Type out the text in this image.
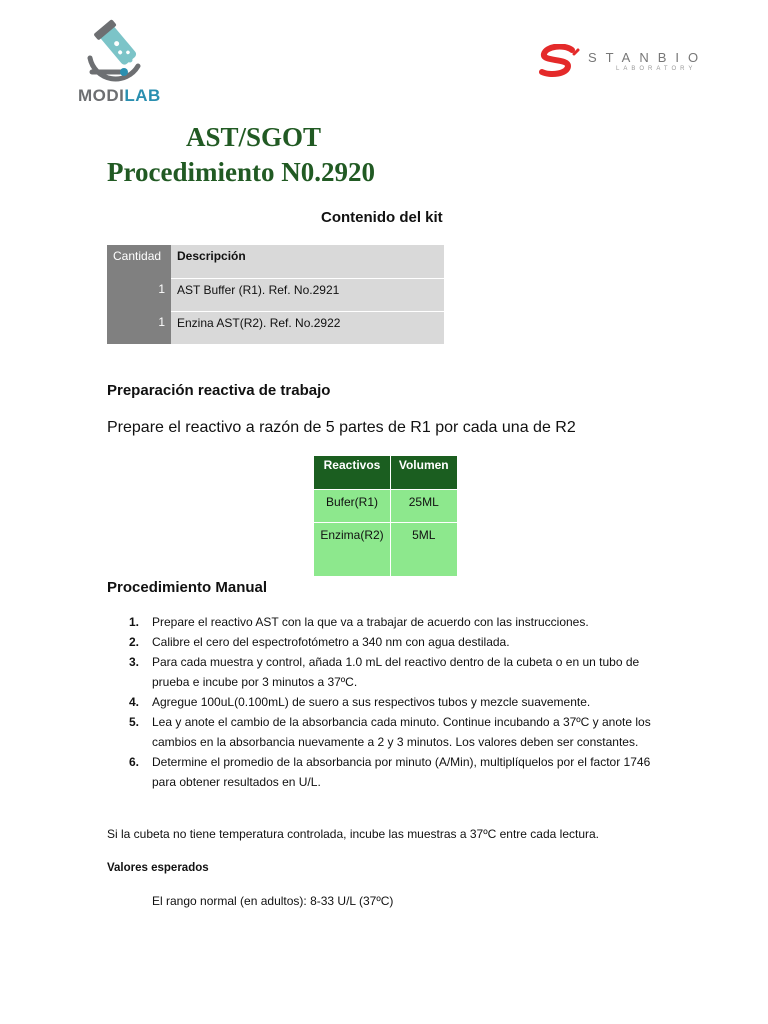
MODILAB
STANBIO
LABORATORY
AST/SGOT
Procedimiento N0.2920
Contenido del kit
Cantidad	Descripción
1	AST Buffer (R1). Ref. No.2921
1	Enzina AST(R2). Ref. No.2922
Preparación reactiva de trabajo
Prepare el reactivo a razón de 5 partes de R1 por cada una de R2
Reactivos	Volumen
Bufer(R1)	25ML
Enzima(R2)	5ML
Procedimiento Manual
1. Prepare el reactivo AST con la que va a trabajar de acuerdo con las instrucciones.
2. Calibre el cero del espectrofotómetro a 340 nm con agua destilada.
3. Para cada muestra y control, añada 1.0 mL del reactivo dentro de la cubeta o en un tubo de prueba e incube por 3 minutos a 37ºC.
4. Agregue 100uL(0.100mL) de suero a sus respectivos tubos y mezcle suavemente.
5. Lea y anote el cambio de la absorbancia cada minuto. Continue incubando a 37ºC y anote los cambios en la absorbancia nuevamente a 2 y 3 minutos. Los valores deben ser constantes.
6. Determine el promedio de la absorbancia por minuto (A/Min), multiplíquelos por el factor 1746 para obtener resultados en U/L.
Si la cubeta no tiene temperatura controlada, incube las muestras a 37ºC entre cada lectura.
Valores esperados
El rango normal (en adultos): 8-33 U/L (37ºC)
